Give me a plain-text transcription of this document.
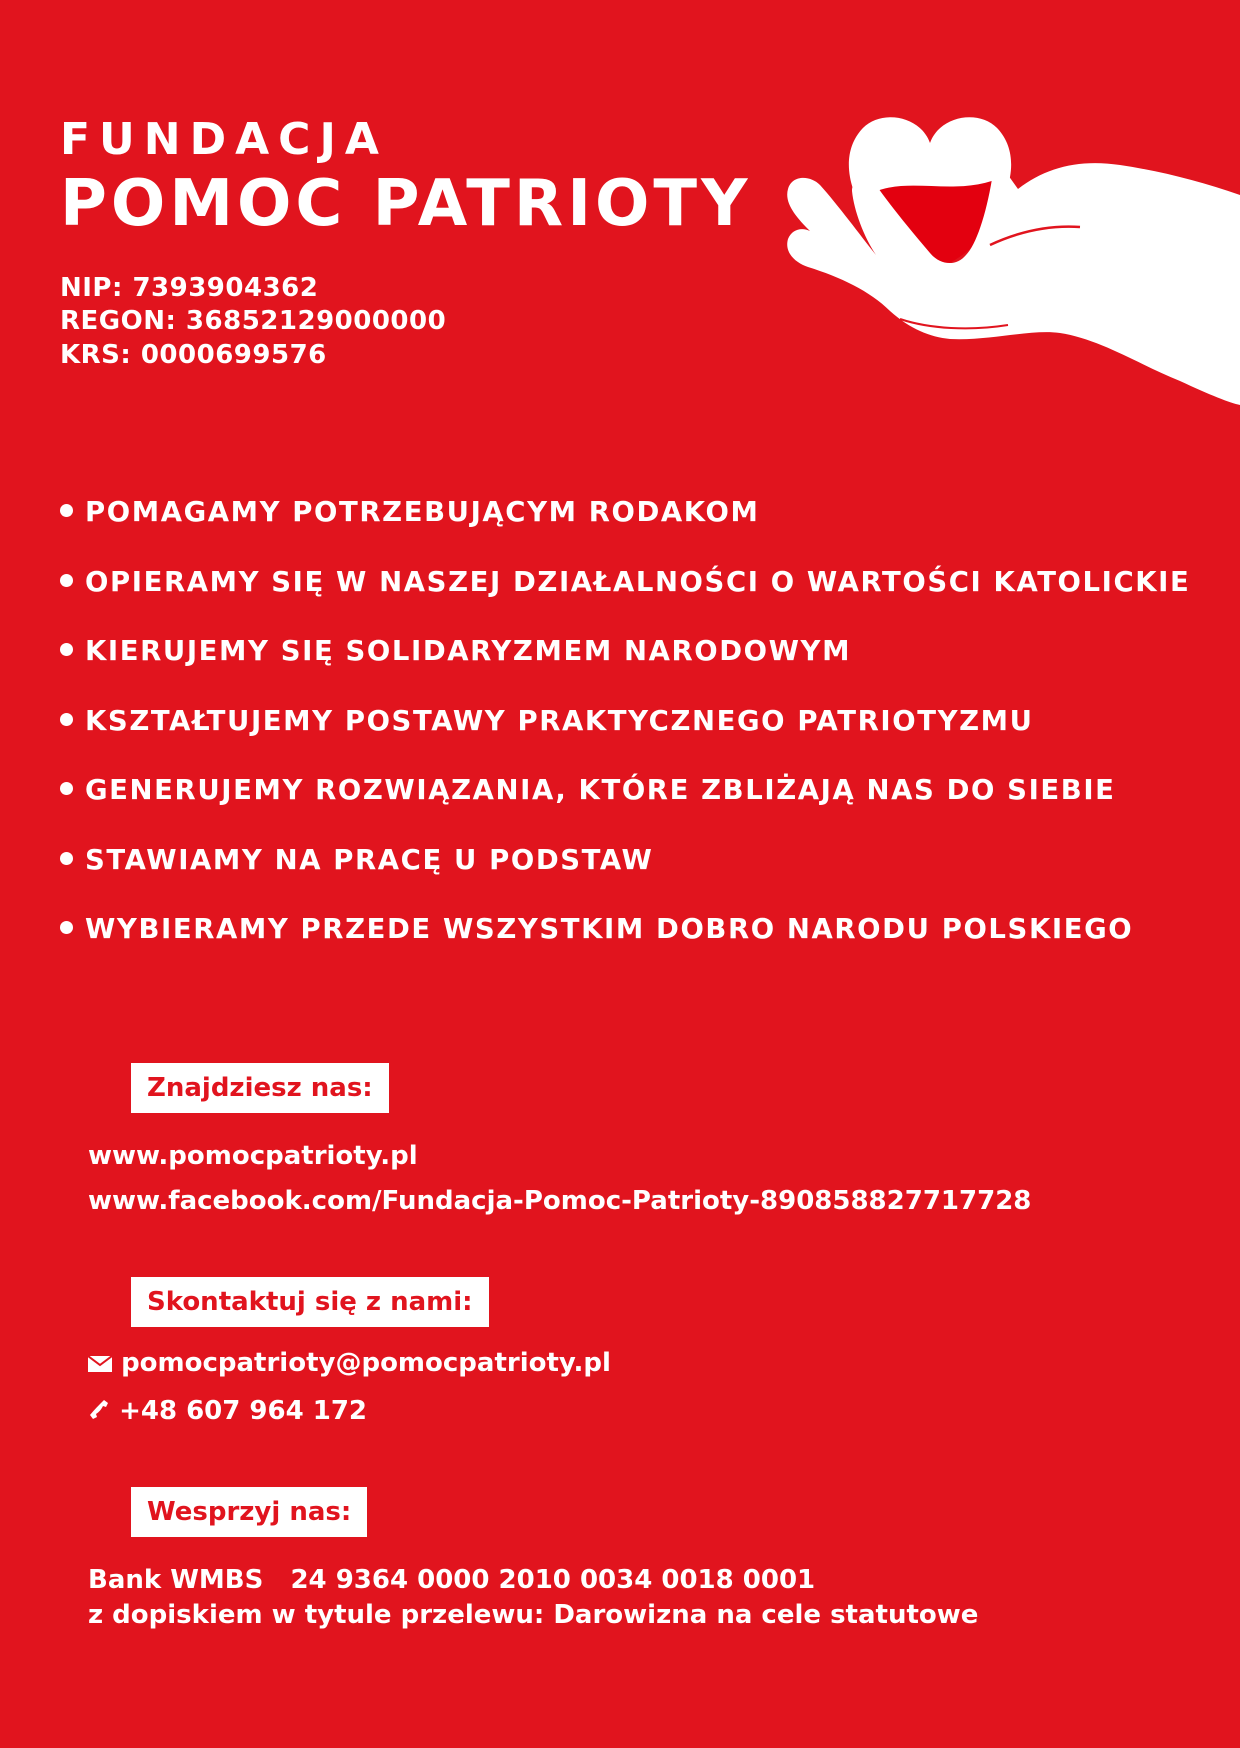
FUNDACJA
POMOC PATRIOTY
NIP: 7393904362
REGON: 36852129000000
KRS: 0000699576
POMAGAMY POTRZEBUJĄCYM RODAKOM
OPIERAMY SIĘ W NASZEJ DZIAŁALNOŚCI O WARTOŚCI KATOLICKIE
KIERUJEMY SIĘ SOLIDARYZMEM NARODOWYM
KSZTAŁTUJEMY POSTAWY PRAKTYCZNEGO PATRIOTYZMU
GENERUJEMY ROZWIĄZANIA, KTÓRE ZBLIŻAJĄ NAS DO SIEBIE
STAWIAMY NA PRACĘ U PODSTAW
WYBIERAMY PRZEDE WSZYSTKIM DOBRO NARODU POLSKIEGO
Znajdziesz nas:
www.pomocpatrioty.pl
www.facebook.com/Fundacja-Pomoc-Patrioty-890858827717728
Skontaktuj się z nami:
pomocpatrioty@pomocpatrioty.pl
+48 607 964 172
Wesprzyj nas:
Bank WMBS   24 9364 0000 2010 0034 0018 0001
z dopiskiem w tytule przelewu: Darowizna na cele statutowe
